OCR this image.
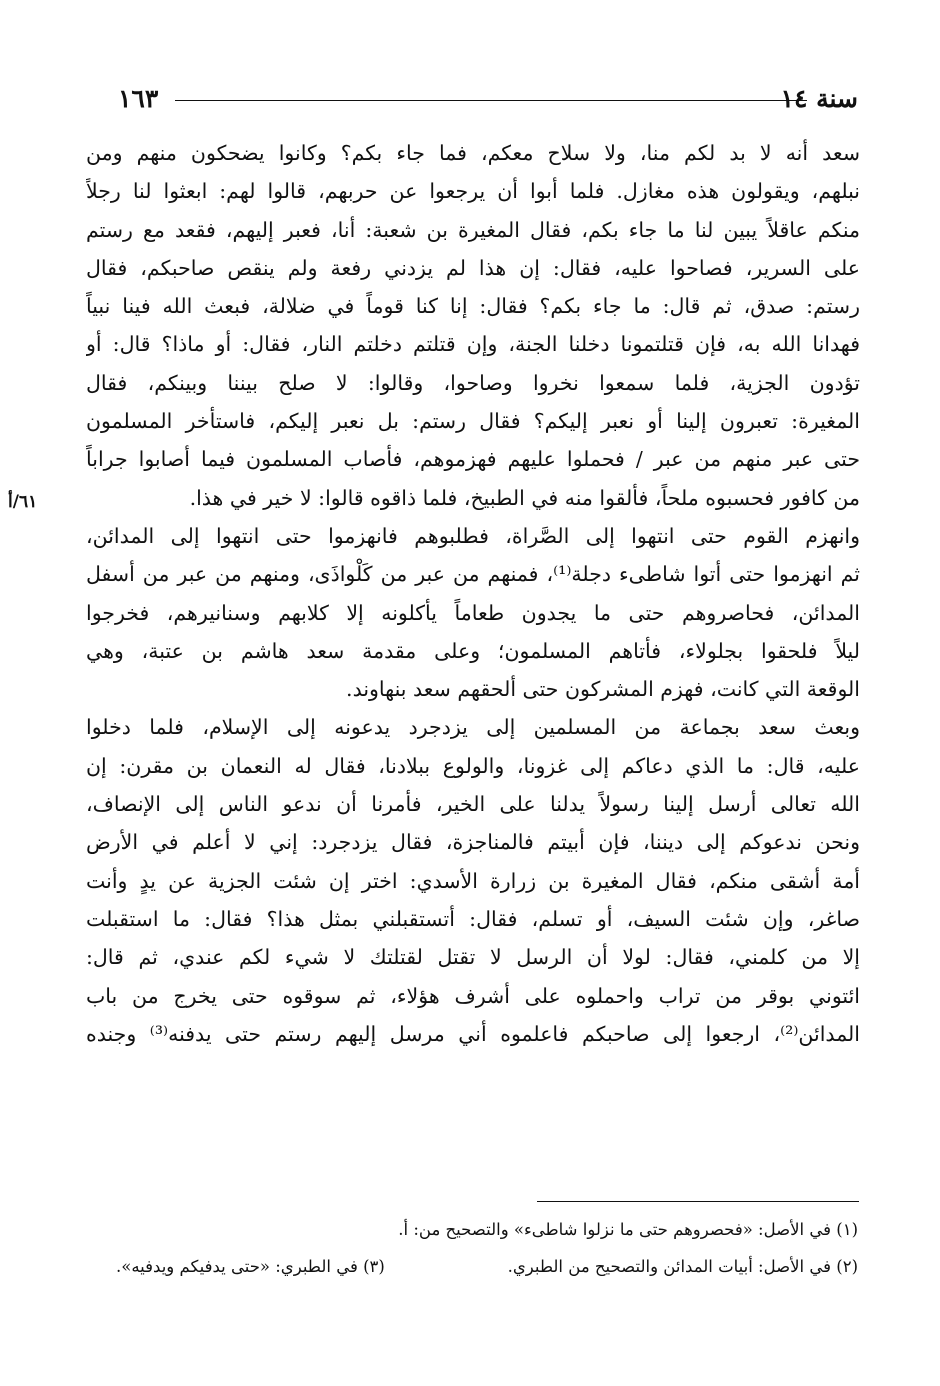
سنة ١٤
١٦٣
سعد أنه لا بد لكم منا، ولا سلاح معكم، فما جاء بكم؟ وكانوا يضحكون منهم ومن
نبلهم، ويقولون هذه مغازل. فلما أبوا أن يرجعوا عن حربهم، قالوا لهم: ابعثوا لنا رجلاً
منكم عاقلاً يبين لنا ما جاء بكم، فقال المغيرة بن شعبة: أنا، فعبر إليهم، فقعد مع رستم
على السرير، فصاحوا عليه، فقال: إن هذا لم يزدني رفعة ولم ينقص صاحبكم، فقال
رستم: صدق، ثم قال: ما جاء بكم؟ فقال: إنا كنا قوماً في ضلالة، فبعث الله فينا نبياً
فهدانا الله به، فإن قتلتمونا دخلنا الجنة، وإن قتلتم دخلتم النار، فقال: أو ماذا؟ قال: أو
تؤدون الجزية، فلما سمعوا نخروا وصاحوا، وقالوا: لا صلح بيننا وبينكم، فقال
المغيرة: تعبرون إلينا أو نعبر إليكم؟ فقال رستم: بل نعبر إليكم، فاستأخر المسلمون
حتى عبر منهم من عبر / فحملوا عليهم فهزموهم، فأصاب المسلمون فيما أصابوا جراباً
من كافور فحسبوه ملحاً، فألقوا منه في الطبيخ، فلما ذاقوه قالوا: لا خير في هذا.
وانهزم القوم حتى انتهوا إلى الصَّراة، فطلبوهم فانهزموا حتى انتهوا إلى المدائن،
ثم انهزموا حتى أتوا شاطىء دجلة⁽¹⁾، فمنهم من عبر من كَلْواذَى، ومنهم من عبر من أسفل
المدائن، فحاصروهم حتى ما يجدون طعاماً يأكلونه إلا كلابهم وسنانيرهم، فخرجوا
ليلاً فلحقوا بجلولاء، فأتاهم المسلمون؛ وعلى مقدمة سعد هاشم بن عتبة، وهي
الوقعة التي كانت، فهزم المشركون حتى ألحقهم سعد بنهاوند.
وبعث سعد بجماعة من المسلمين إلى يزدجرد يدعونه إلى الإسلام، فلما دخلوا
عليه، قال: ما الذي دعاكم إلى غزونا، والولوع ببلادنا، فقال له النعمان بن مقرن: إن
الله تعالى أرسل إلينا رسولاً يدلنا على الخير، فأمرنا أن ندعو الناس إلى الإنصاف،
ونحن ندعوكم إلى ديننا، فإن أبيتم فالمناجزة، فقال يزدجرد: إني لا أعلم في الأرض
أمة أشقى منكم، فقال المغيرة بن زرارة الأسدي: اختر إن شئت الجزية عن يدٍ وأنت
صاغر، وإن شئت السيف، أو تسلم، فقال: أتستقبلني بمثل هذا؟ فقال: ما استقبلت
إلا من كلمني، فقال: لولا أن الرسل لا تقتل لقتلتك لا شيء لكم عندي، ثم قال:
ائتوني بوقر من تراب واحملوه على أشرف هؤلاء، ثم سوقوه حتى يخرج من باب
المدائن⁽²⁾، ارجعوا إلى صاحبكم فاعلموه أني مرسل إليهم رستم حتى يدفنه⁽³⁾ وجنده
٦١/أ
(١) في الأصل: «فحصروهم حتى ما نزلوا شاطىء» والتصحيح من: أ.
(٢) في الأصل: أبيات المدائن والتصحيح من الطبري.
(٣) في الطبري: «حتى يدفيكم ويدفيه».
